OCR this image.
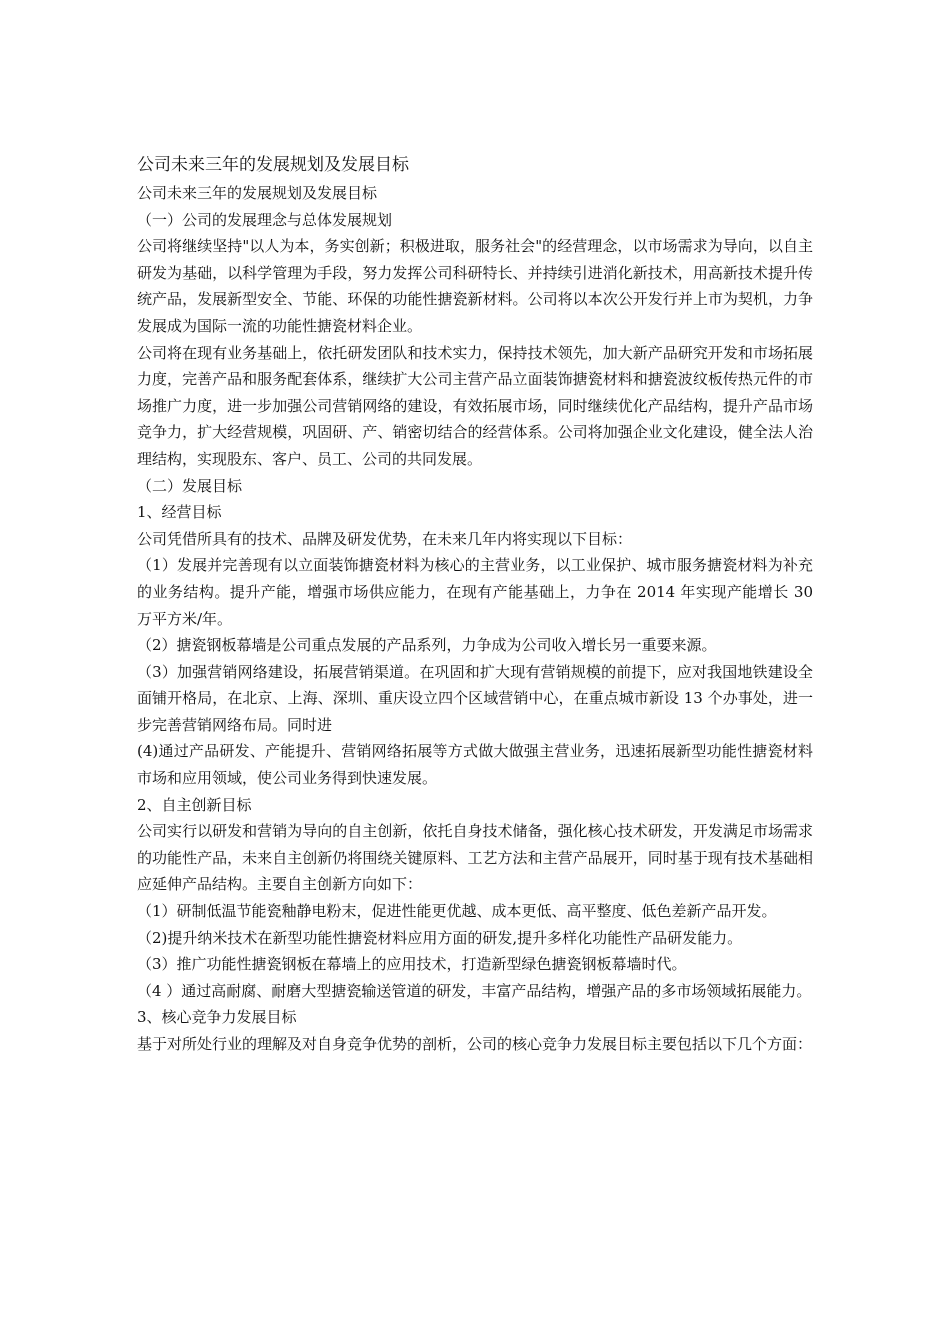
公司未来三年的发展规划及发展目标

公司未来三年的发展规划及发展目标

（一）公司的发展理念与总体发展规划

公司将继续坚持"以人为本，务实创新；积极进取，服务社会"的经营理念，以市场需求为导向，以自主研发为基础，以科学管理为手段，努力发挥公司科研特长、并持续引进消化新技术，用高新技术提升传统产品，发展新型安全、节能、环保的功能性搪瓷新材料。公司将以本次公开发行并上市为契机，力争发展成为国际一流的功能性搪瓷材料企业。

公司将在现有业务基础上，依托研发团队和技术实力，保持技术领先，加大新产品研究开发和市场拓展力度，完善产品和服务配套体系，继续扩大公司主营产品立面装饰搪瓷材料和搪瓷波纹板传热元件的市场推广力度，进一步加强公司营销网络的建设，有效拓展市场，同时继续优化产品结构，提升产品市场竞争力，扩大经营规模，巩固研、产、销密切结合的经营体系。公司将加强企业文化建设，健全法人治理结构，实现股东、客户、员工、公司的共同发展。

（二）发展目标

1、经营目标

公司凭借所具有的技术、品牌及研发优势，在未来几年内将实现以下目标：

（1）发展并完善现有以立面装饰搪瓷材料为核心的主营业务，以工业保护、城市服务搪瓷材料为补充的业务结构。提升产能，增强市场供应能力，在现有产能基础上，力争在 2014 年实现产能增长 30 万平方米/年。

（2）搪瓷钢板幕墙是公司重点发展的产品系列，力争成为公司收入增长另一重要来源。

（3）加强营销网络建设，拓展营销渠道。在巩固和扩大现有营销规模的前提下，应对我国地铁建设全面铺开格局，在北京、上海、深圳、重庆设立四个区域营销中心，在重点城市新设 13 个办事处，进一步完善营销网络布局。同时进

(4)通过产品研发、产能提升、营销网络拓展等方式做大做强主营业务，迅速拓展新型功能性搪瓷材料市场和应用领域，使公司业务得到快速发展。

2、自主创新目标

公司实行以研发和营销为导向的自主创新，依托自身技术储备，强化核心技术研发，开发满足市场需求的功能性产品，未来自主创新仍将围绕关键原料、工艺方法和主营产品展开，同时基于现有技术基础相应延伸产品结构。主要自主创新方向如下：

（1）研制低温节能瓷釉静电粉末，促进性能更优越、成本更低、高平整度、低色差新产品开发。

（2)提升纳米技术在新型功能性搪瓷材料应用方面的研发,提升多样化功能性产品研发能力。

（3）推广功能性搪瓷钢板在幕墙上的应用技术，打造新型绿色搪瓷钢板幕墙时代。

（4 ）通过高耐腐、耐磨大型搪瓷输送管道的研发，丰富产品结构，增强产品的多市场领域拓展能力。

3、核心竞争力发展目标

基于对所处行业的理解及对自身竞争优势的剖析，公司的核心竞争力发展目标主要包括以下几个方面：
